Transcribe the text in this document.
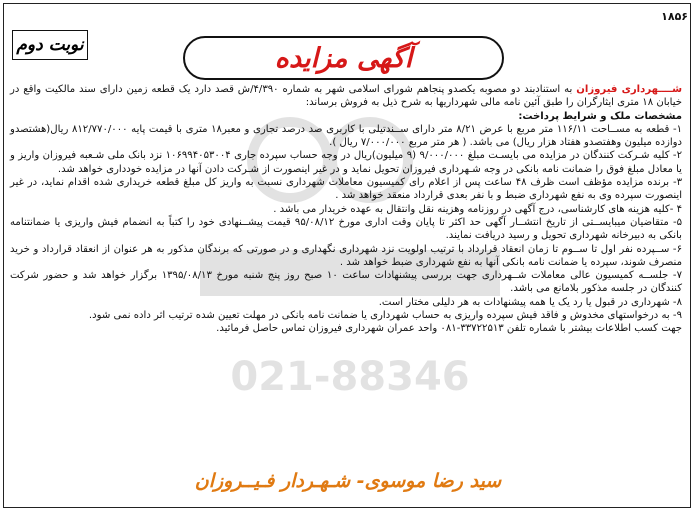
۱۸۵۶
نوبت دوم	آگهی مزایده

شــــهرداری فیروزان به استنادبند دو مصوبه یکصدو پنجاهم شورای اسلامی شهر به شماره ۴/۳۹۰/ش قصد دارد یک قطعه زمین دارای سند مالکیت واقع در خیابان ۱۸ متری ایثارگران را طبق آئین نامه مالی شهرداریها به شرح ذیل به فروش برساند:

مشخصات ملک و شرایط پرداخت:

۱- قطعه به مســاحت ۱۱۶/۱۱ متر مربع با عرض ۸/۲۱ متر دارای ســندتیلی با کاربری صد درصد تجاری و معبر۱۸ متری با قیمت پایه ۸۱۲/۷۷۰/۰۰۰ ریال(هشتصدو دوازده میلیون وهفتصدو هفتاد هزار ریال) می باشد. ( هر متر مربع ۷/۰۰۰/۰۰۰ ریال ).

۲- کلیه شـرکت کنندگان در مزایده می بایسـت مبلغ ۹/۰۰۰/۰۰۰ (۹ میلیون)ریال در وجه حساب سپرده جاری ۱۰۶۹۹۴۰۵۳۰۰۴ نزد بانک ملی شـعبه فیروزان واریز و یا معادل مبلغ فوق را ضمانت نامه بانکی در وجه شـهرداری فیروزان تحویل نماید و در غیر اینصورت از شـرکت دادن آنها در مزایده خودداری خواهد شد.

۳- برنده مزایده مؤظف است ظرف ۴۸ ساعت پس از اعلام رای کمیسیون معاملات شهرداری نسبت به واریز کل مبلغ قطعه خریداری شده اقدام نماید، در غیر اینصورت سپرده وی به نفع شهرداری ضبط و با نفر بعدی قرارداد منعقد خواهد شد .

۴ -کلیه هزینه های کارشناسی، درج آگهی در روزنامه وهزینه نقل وانتقال به عهده خریدار می باشد .

۵- متقاضیان میبایســتی از تاریخ انتشــار آگهی حد اکثر تا پایان وقت اداری مورخ ۹۵/۰۸/۱۲ قیمت پیشــنهادی خود را کتباً به انضمام فیش واریزی یا ضمانتنامه بانکی به دبیرخانه شهرداری تحویل و رسید دریافت نمایند.

۶- ســپرده نفر اول تا ســوم تا زمان انعقاد قرارداد با ترتیب اولویت نزد شهرداری نگهداری و در صورتی که برندگان مذکور به هر عنوان از انعقاد قرارداد و خرید منصرف شوند، سپرده یا ضمانت نامه بانکی آنها به نفع شهرداری ضبط خواهد شد .

۷- جلســه کمیسیون عالی معاملات شــهرداری جهت بررسی پیشنهادات ساعت ۱۰ صبح روز پنج شنبه مورخ ۱۳۹۵/۰۸/۱۳ برگزار خواهد شد و حضور شرکت کنندگان در جلسه مذکور بلامانع می باشد.

۸- شهرداری در قبول یا رد یک یا همه پیشنهادات به هر دلیلی مختار است.

۹- به درخواستهای مخدوش و فاقد فیش سپرده واریزی به حساب شهرداری یا ضمانت نامه بانکی در مهلت تعیین شده ترتیب اثر داده نمی شود.

جهت کسب اطلاعات بیشتر با شماره تلفن ۳۳۷۲۲۵۱۳-۰۸۱ واحد عمران شهرداری فیروزان تماس حاصل فرمائید.

سید رضا موسوی- شـهـردار فـیــروزان
